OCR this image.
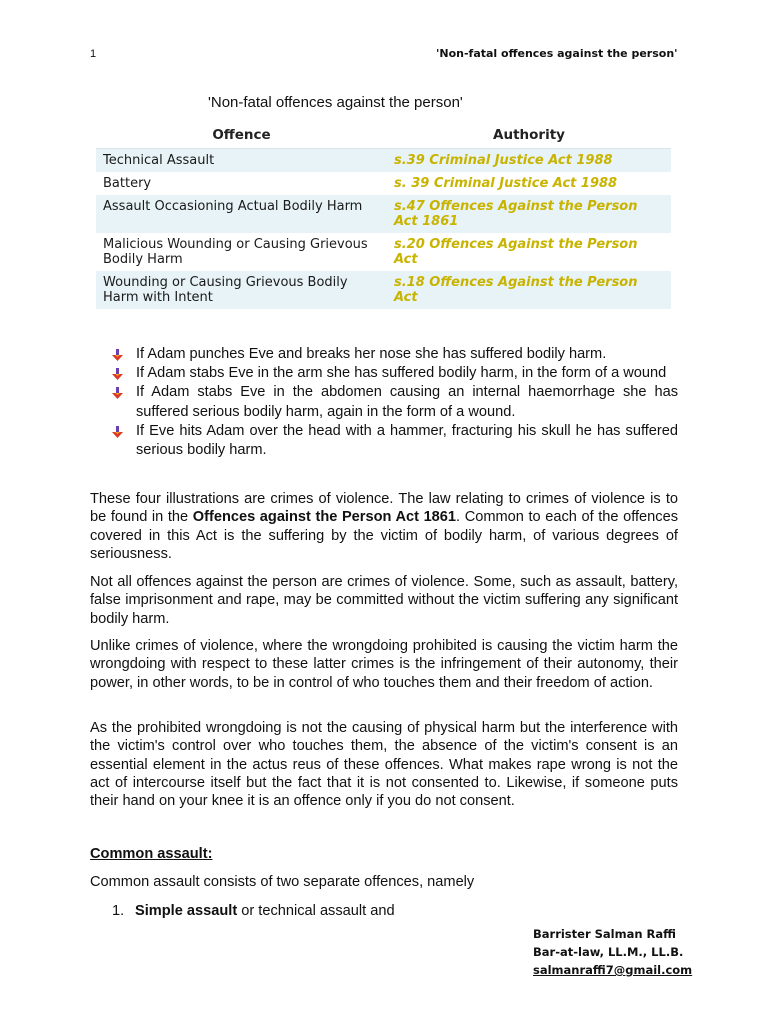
1	'Non-fatal offences against the person'
'Non-fatal offences against the person'
Offence	Authority
Technical Assault	s.39 Criminal Justice Act 1988
Battery	s. 39 Criminal Justice Act 1988
Assault Occasioning Actual Bodily Harm	s.47 Offences Against the Person Act 1861
Malicious Wounding or Causing Grievous Bodily Harm	s.20 Offences Against the Person Act
Wounding or Causing Grievous Bodily Harm with Intent	s.18 Offences Against the Person Act
If Adam punches Eve and breaks her nose she has suffered bodily harm.
If Adam stabs Eve in the arm she has suffered bodily harm, in the form of a wound
If Adam stabs Eve in the abdomen causing an internal haemorrhage she has suffered serious bodily harm, again in the form of a wound.
If Eve hits Adam over the head with a hammer, fracturing his skull he has suffered serious bodily harm.

These four illustrations are crimes of violence. The law relating to crimes of violence is to be found in the Offences against the Person Act 1861. Common to each of the offences covered in this Act is the suffering by the victim of bodily harm, of various degrees of seriousness.

Not all offences against the person are crimes of violence. Some, such as assault, battery, false imprisonment and rape, may be committed without the victim suffering any significant bodily harm.

Unlike crimes of violence, where the wrongdoing prohibited is causing the victim harm the wrongdoing with respect to these latter crimes is the infringement of their autonomy, their power, in other words, to be in control of who touches them and their freedom of action.

As the prohibited wrongdoing is not the causing of physical harm but the interference with the victim's control over who touches them, the absence of the victim's consent is an essential element in the actus reus of these offences. What makes rape wrong is not the act of intercourse itself but the fact that it is not consented to. Likewise, if someone puts their hand on your knee it is an offence only if you do not consent.

Common assault:
Common assault consists of two separate offences, namely
1. Simple assault or technical assault and
Barrister Salman Raffi
Bar-at-law, LL.M., LL.B.
salmanraffi7@gmail.com
